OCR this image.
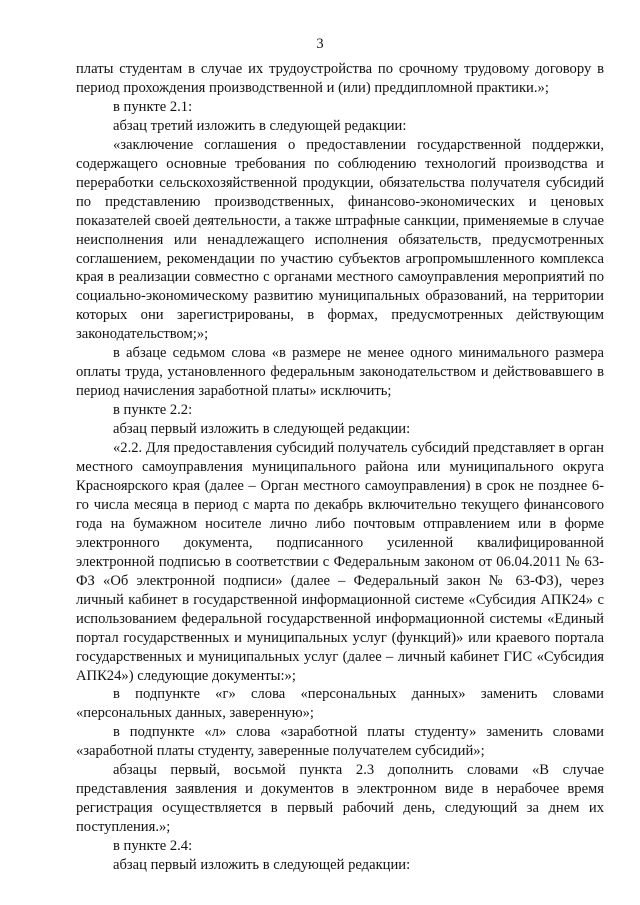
3

платы студентам в случае их трудоустройства по срочному трудовому договору в период прохождения производственной и (или) преддипломной практики.»;

в пункте 2.1:

абзац третий изложить в следующей редакции:

«заключение соглашения о предоставлении государственной поддержки, содержащего основные требования по соблюдению технологий производства и переработки сельскохозяйственной продукции, обязательства получателя субсидий по представлению производственных, финансово-экономических и ценовых показателей своей деятельности, а также штрафные санкции, применяемые в случае неисполнения или ненадлежащего исполнения обязательств, предусмотренных соглашением, рекомендации по участию субъектов агропромышленного комплекса края в реализации совместно с органами местного самоуправления мероприятий по социально-экономическому развитию муниципальных образований, на территории которых они зарегистрированы, в формах, предусмотренных действующим законодательством;»;

в абзаце седьмом слова «в размере не менее одного минимального размера оплаты труда, установленного федеральным законодательством и действовавшего в период начисления заработной платы» исключить;

в пункте 2.2:

абзац первый изложить в следующей редакции:

«2.2. Для предоставления субсидий получатель субсидий представляет в орган местного самоуправления муниципального района или муниципального округа Красноярского края (далее – Орган местного самоуправления) в срок не позднее 6-го числа месяца в период с марта по декабрь включительно текущего финансового года на бумажном носителе лично либо почтовым отправлением или в форме электронного документа, подписанного усиленной квалифицированной электронной подписью в соответствии с Федеральным законом от 06.04.2011 № 63-ФЗ «Об электронной подписи» (далее – Федеральный закон № 63-ФЗ), через личный кабинет в государственной информационной системе «Субсидия АПК24» с использованием федеральной государственной информационной системы «Единый портал государственных и муниципальных услуг (функций)» или краевого портала государственных и муниципальных услуг (далее – личный кабинет ГИС «Субсидия АПК24») следующие документы:»;

в подпункте «г» слова «персональных данных» заменить словами «персональных данных, заверенную»;

в подпункте «л» слова «заработной платы студенту» заменить словами «заработной платы студенту, заверенные получателем субсидий»;

абзацы первый, восьмой пункта 2.3 дополнить словами «В случае представления заявления и документов в электронном виде в нерабочее время регистрация осуществляется в первый рабочий день, следующий за днем их поступления.»;

в пункте 2.4:

абзац первый изложить в следующей редакции:
